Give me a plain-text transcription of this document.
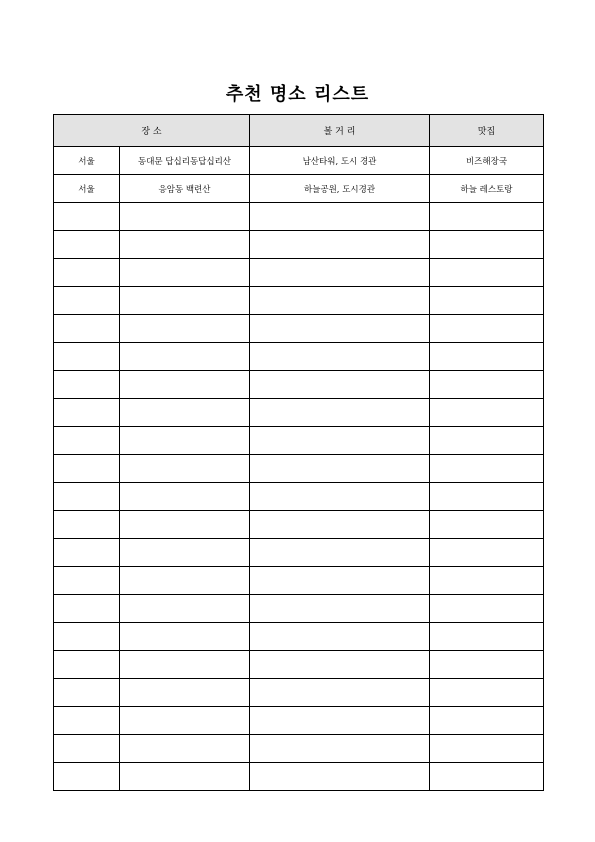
추천 명소 리스트
장 소		볼 거 리	맛집
서울	동대문 답십리동답십리산	남산타워, 도시 경관	비즈해장국
서울	응암동 백련산	하늘공원, 도시경관	하늘 레스토랑
